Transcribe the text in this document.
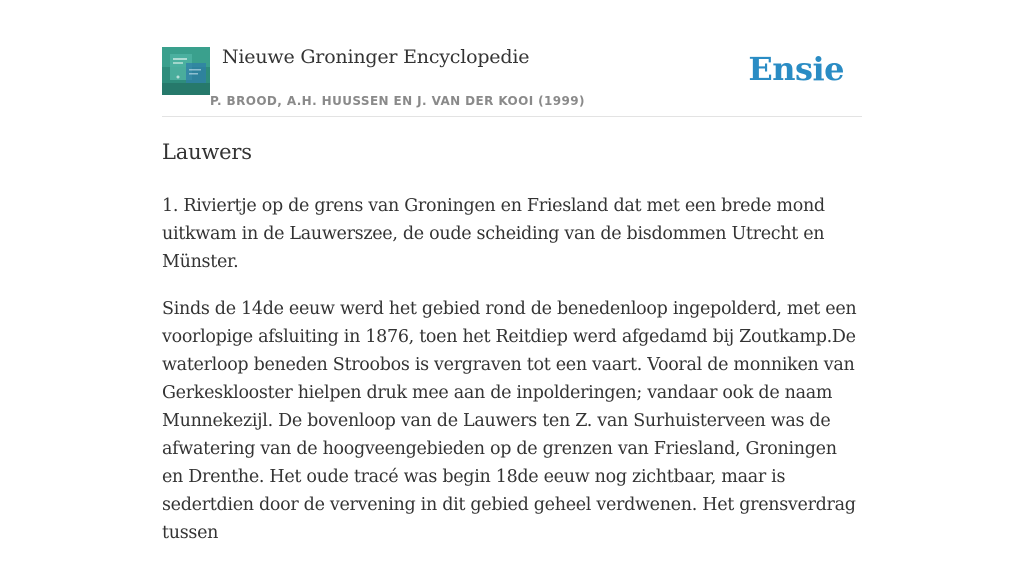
Nieuwe Groninger Encyclopedie
P. BROOD, A.H. HUUSSEN EN J. VAN DER KOOI (1999)
Ensie
Lauwers

1. Riviertje op de grens van Groningen en Friesland dat met een brede mond uitkwam in de Lauwerszee, de oude scheiding van de bisdommen Utrecht en Münster.

Sinds de 14de eeuw werd het gebied rond de benedenloop ingepolderd, met een voorlopige afsluiting in 1876, toen het Reitdiep werd afgedamd bij Zoutkamp.De waterloop beneden Stroobos is vergraven tot een vaart. Vooral de monniken van Gerkesklooster hielpen druk mee aan de inpolderingen; vandaar ook de naam Munnekezijl. De bovenloop van de Lauwers ten Z. van Surhuisterveen was de afwatering van de hoogveengebieden op de grenzen van Friesland, Groningen en Drenthe. Het oude tracé was begin 18de eeuw nog zichtbaar, maar is sedertdien door de vervening in dit gebied geheel verdwenen. Het grensverdrag tussen
